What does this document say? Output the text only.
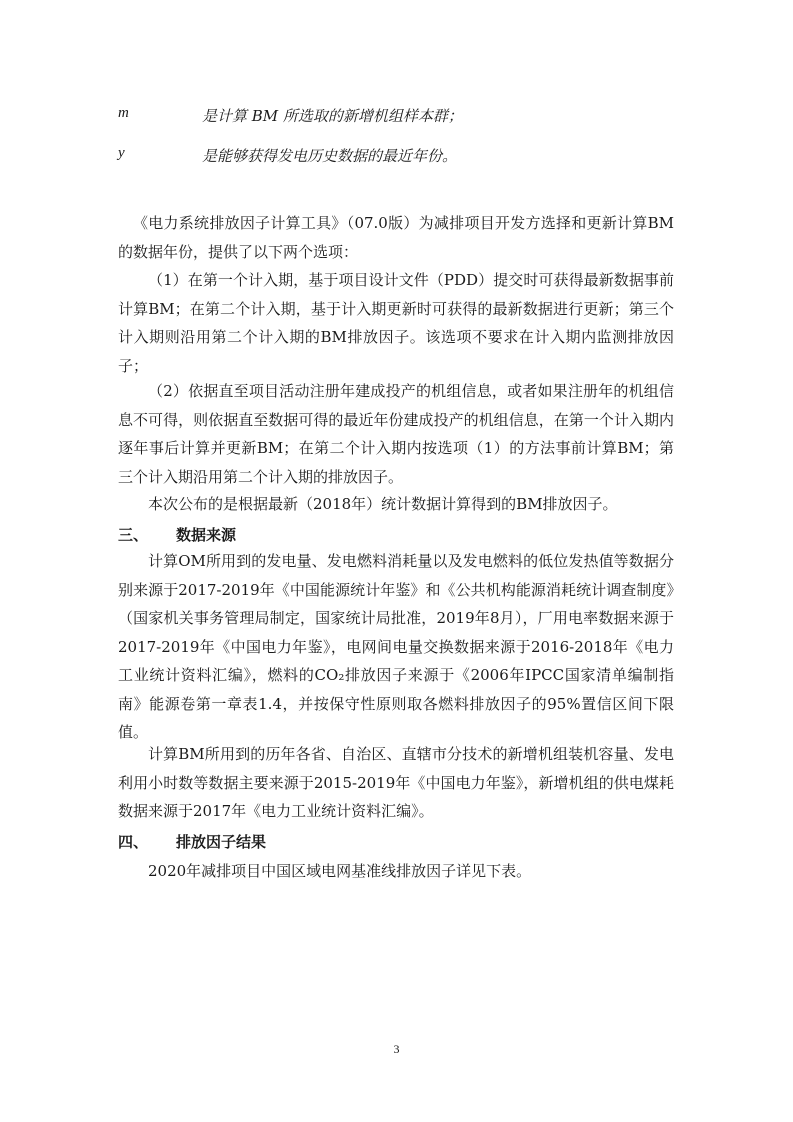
m	是计算 BM 所选取的新增机组样本群；
y	是能够获得发电历史数据的最近年份。
《电力系统排放因子计算工具》（07.0版）为减排项目开发方选择和更新计算BM的数据年份，提供了以下两个选项：
（1）在第一个计入期，基于项目设计文件（PDD）提交时可获得最新数据事前计算BM；在第二个计入期，基于计入期更新时可获得的最新数据进行更新；第三个计入期则沿用第二个计入期的BM排放因子。该选项不要求在计入期内监测排放因子；
（2）依据直至项目活动注册年建成投产的机组信息，或者如果注册年的机组信息不可得，则依据直至数据可得的最近年份建成投产的机组信息，在第一个计入期内逐年事后计算并更新BM；在第二个计入期内按选项（1）的方法事前计算BM；第三个计入期沿用第二个计入期的排放因子。
本次公布的是根据最新（2018年）统计数据计算得到的BM排放因子。
三、 数据来源
计算OM所用到的发电量、发电燃料消耗量以及发电燃料的低位发热值等数据分别来源于2017-2019年《中国能源统计年鉴》和《公共机构能源消耗统计调查制度》（国家机关事务管理局制定，国家统计局批准，2019年8月），厂用电率数据来源于2017-2019年《中国电力年鉴》，电网间电量交换数据来源于2016-2018年《电力工业统计资料汇编》，燃料的CO₂排放因子来源于《2006年IPCC国家清单编制指南》能源卷第一章表1.4，并按保守性原则取各燃料排放因子的95%置信区间下限值。
计算BM所用到的历年各省、自治区、直辖市分技术的新增机组装机容量、发电利用小时数等数据主要来源于2015-2019年《中国电力年鉴》，新增机组的供电煤耗数据来源于2017年《电力工业统计资料汇编》。
四、 排放因子结果
2020年减排项目中国区域电网基准线排放因子详见下表。
3
